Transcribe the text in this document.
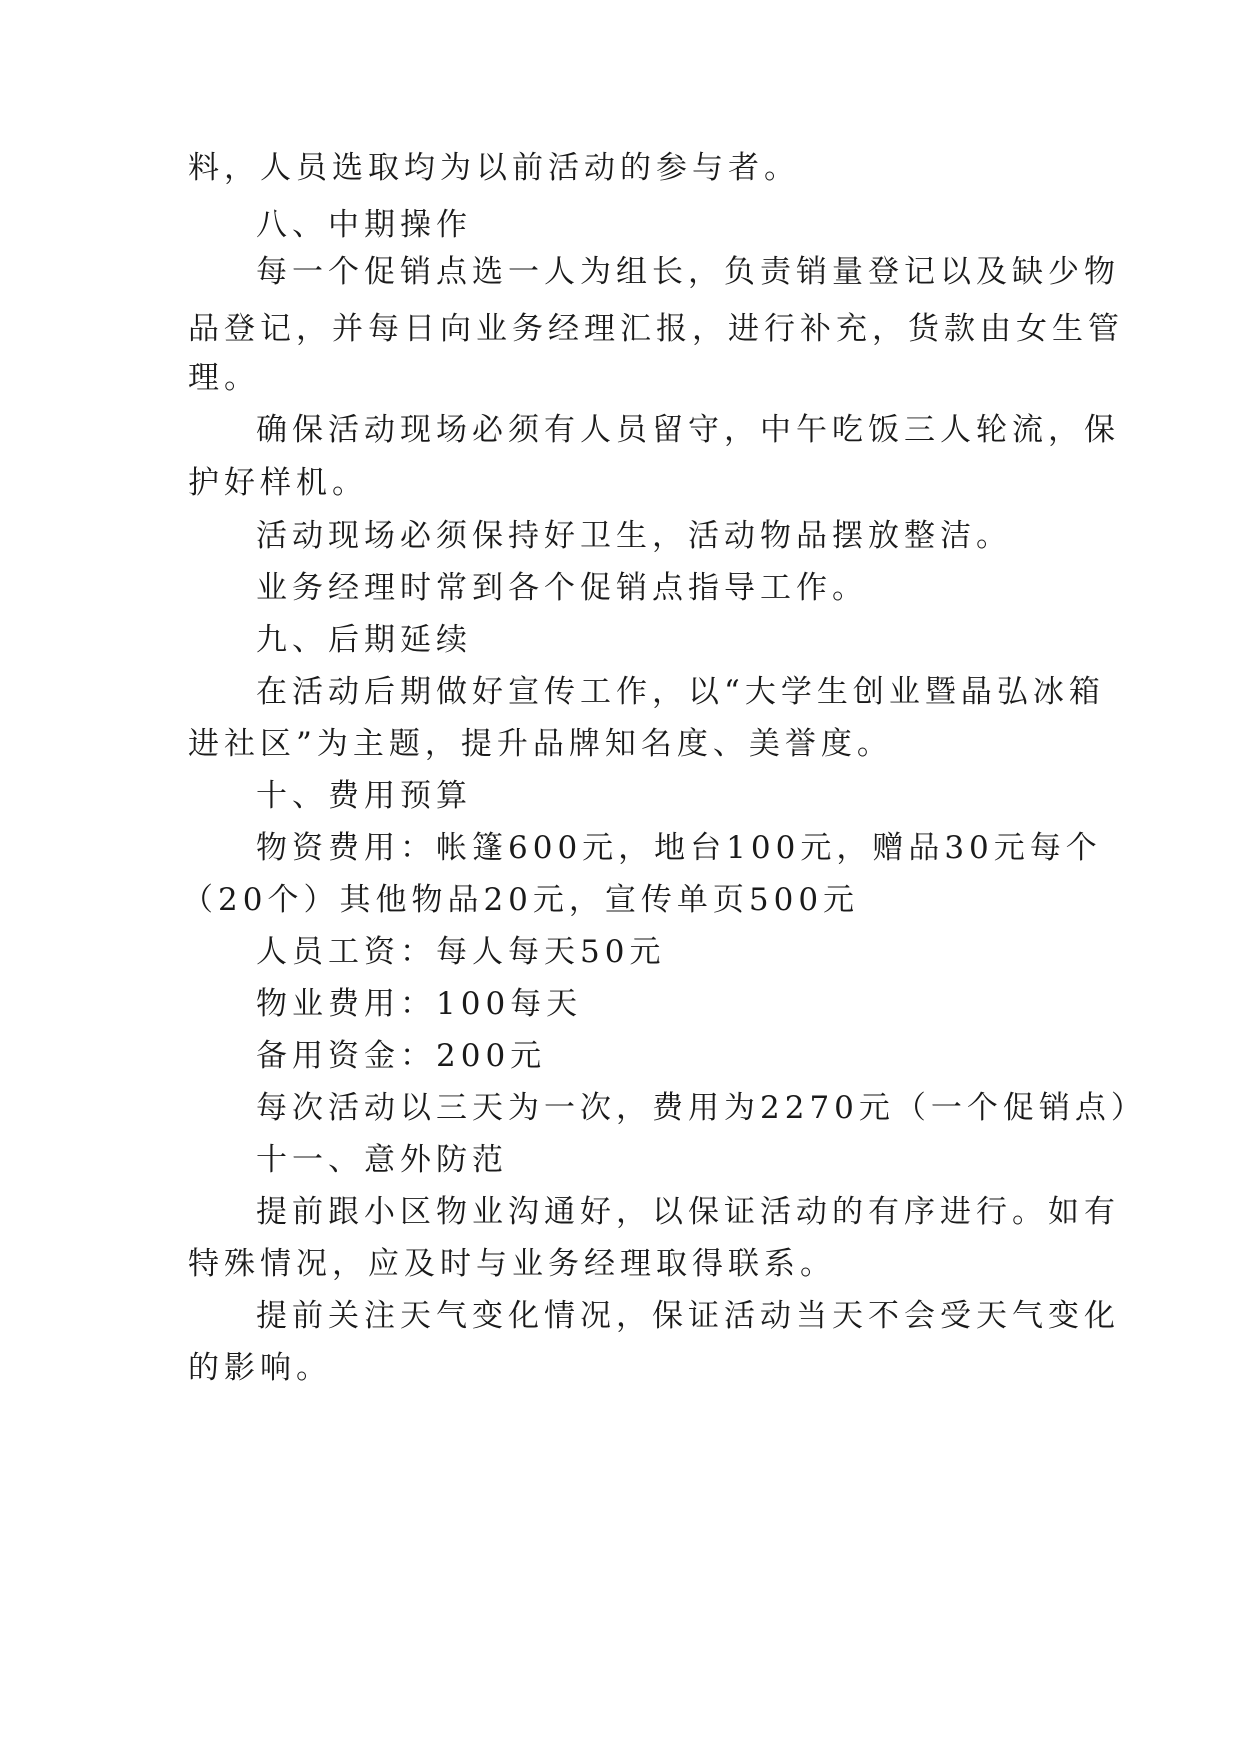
料，人员选取均为以前活动的参与者。
八、中期操作
每一个促销点选一人为组长，负责销量登记以及缺少物
品登记，并每日向业务经理汇报，进行补充，货款由女生管
理。
确保活动现场必须有人员留守，中午吃饭三人轮流，保
护好样机。
活动现场必须保持好卫生，活动物品摆放整洁。
业务经理时常到各个促销点指导工作。
九、后期延续
在活动后期做好宣传工作，以“大学生创业暨晶弘冰箱
进社区”为主题，提升品牌知名度、美誉度。
十、费用预算
物资费用：帐篷600元，地台100元，赠品30元每个
（20个）其他物品20元，宣传单页500元
人员工资：每人每天50元
物业费用：100每天
备用资金：200元
每次活动以三天为一次，费用为2270元（一个促销点）
十一、意外防范
提前跟小区物业沟通好，以保证活动的有序进行。如有
特殊情况，应及时与业务经理取得联系。
提前关注天气变化情况，保证活动当天不会受天气变化
的影响。
